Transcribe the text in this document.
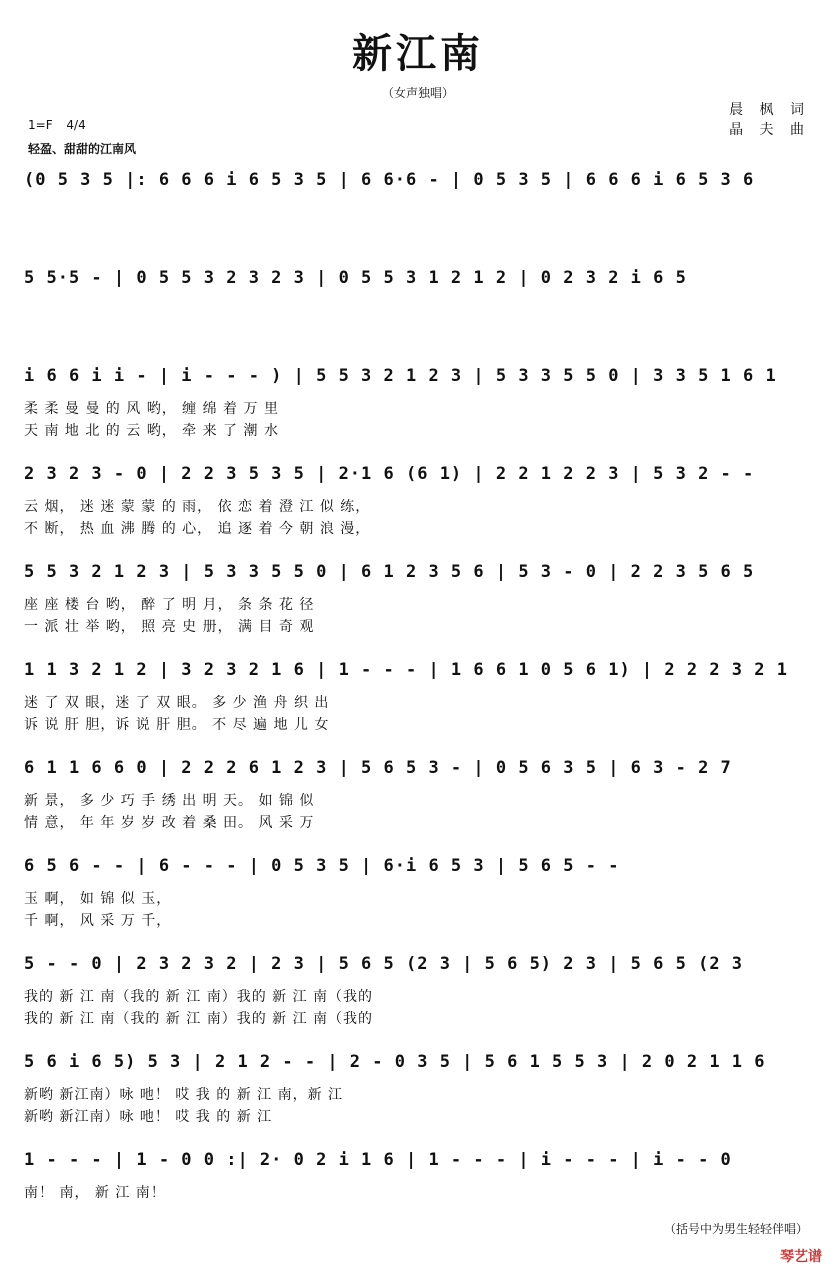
新江南
（女声独唱）
1=F 4/4
轻盈、甜甜的江南风
晨 枫 词
晶 夫 曲
(0 5 3 5 |: 6 6 6 i 6 5 3 5 | 6 6·6 - | 0 5 3 5 | 6 6 6 i 6 5 3 6
5 5·5 - | 0 5 5 3 2 3 2 3 | 0 5 5 3 1 2 1 2 | 0 2 3 2 i 6 5
i 6 6 i i - | i - - - ) | 5 5 3 2 1 2 3 | 5 3 3 5 5 0 | 3 3 5 1 6 1
柔 柔 曼 曼 的 风 哟， 缠 绵 着 万 里
天 南 地 北 的 云 哟， 牵 来 了 潮 水
2 3 2 3 - 0 | 2 2 3 5 3 5 | 2·1 6 (6 1) | 2 2 1 2 2 3 | 5 3 2 - -
云 烟， 迷 迷 蒙 蒙 的 雨， 依 恋 着 澄 江 似 练，
不 断， 热 血 沸 腾 的 心， 追 逐 着 今 朝 浪 漫，
5 5 3 2 1 2 3 | 5 3 3 5 5 0 | 6 1 2 3 5 6 | 5 3 - 0 | 2 2 3 5 6 5
座 座 楼 台 哟， 醉 了 明 月， 条 条 花 径
一 派 壮 举 哟， 照 亮 史 册， 满 目 奇 观
1 1 3 2 1 2 | 3 2 3 2 1 6 | 1 - - - | 1 6 6 1 0 5 6 1) | 2 2 2 3 2 1
迷 了 双 眼，迷 了 双 眼。 多 少 渔 舟 织 出
诉 说 肝 胆，诉 说 肝 胆。 不 尽 遍 地 儿 女
6 1 1 6 6 0 | 2 2 2 6 1 2 3 | 5 6 5 3 - | 0 5 6 3 5 | 6 3 - 2 7
新 景， 多 少 巧 手 绣 出 明 天。 如 锦 似
情 意， 年 年 岁 岁 改 着 桑 田。 风 采 万
6 5 6 - - | 6 - - - | 0 5 3 5 | 6·i 6 5 3 | 5 6 5 - -
玉 啊， 如 锦 似 玉，
千 啊， 风 采 万 千，
5 - - 0 | 2 3 2 3 2 | 2 3 | 5 6 5 (2 3 | 5 6 5) 2 3 | 5 6 5 (2 3
我的 新 江 南（我的 新 江 南）我的 新 江 南（我的
我的 新 江 南（我的 新 江 南）我的 新 江 南（我的
5 6 i 6 5) 5 3 | 2 1 2 - - | 2 - 0 3 5 | 5 6 1 5 5 3 | 2 0 2 1 1 6
新哟 新江南）咏 吔！ 哎 我 的 新 江 南，新 江
新哟 新江南）咏 吔！ 哎 我 的 新 江
1 - - - | 1 - 0 0 :| 2· 0 2 i 1 6 | 1 - - - | i - - - | i - - 0
南！ 南， 新 江 南！
（括号中为男生轻轻伴唱）
琴艺谱
